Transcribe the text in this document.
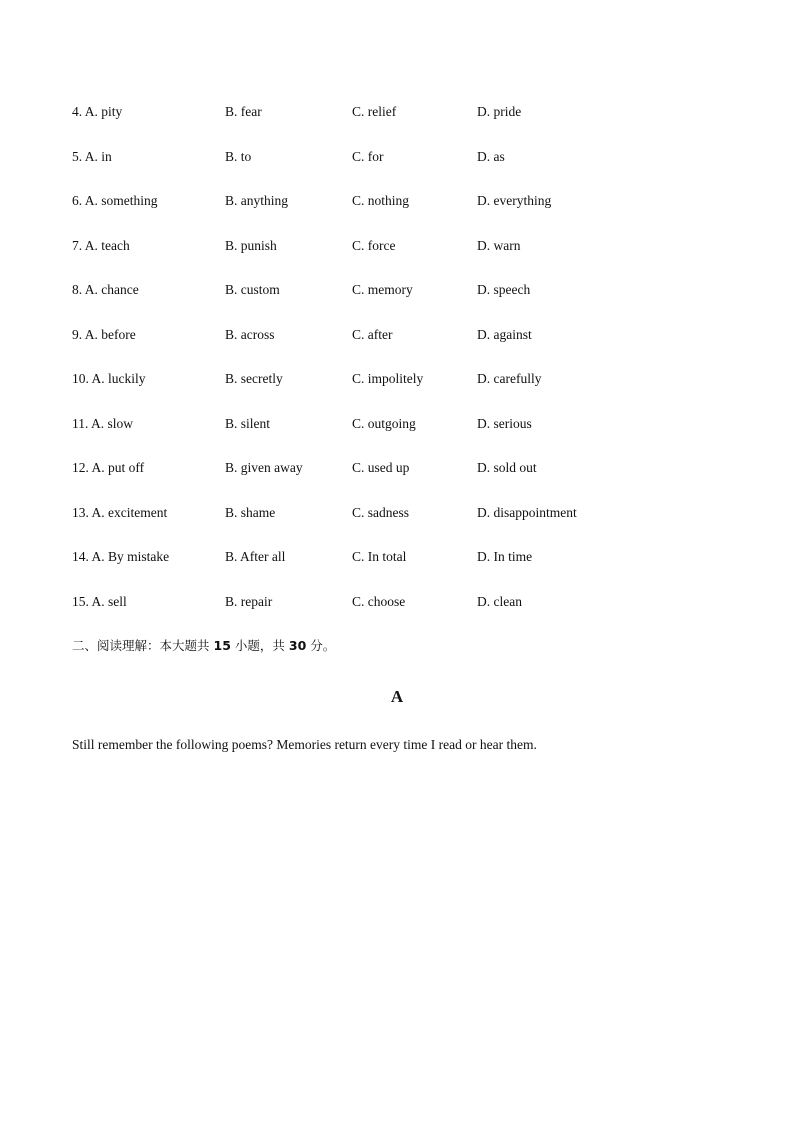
4. A. pity	B. fear	C. relief	D. pride
5. A. in	B. to	C. for	D. as
6. A. something	B. anything	C. nothing	D. everything
7. A. teach	B. punish	C. force	D. warn
8. A. chance	B. custom	C. memory	D. speech
9. A. before	B. across	C. after	D. against
10. A. luckily	B. secretly	C. impolitely	D. carefully
11. A. slow	B. silent	C. outgoing	D. serious
12. A. put off	B. given away	C. used up	D. sold out
13. A. excitement	B. shame	C. sadness	D. disappointment
14. A. By mistake	B. After all	C. In total	D. In time
15. A. sell	B. repair	C. choose	D. clean
二、阅读理解：本大题共 15 小题，共 30 分。
A
Still remember the following poems? Memories return every time I read or hear them.
